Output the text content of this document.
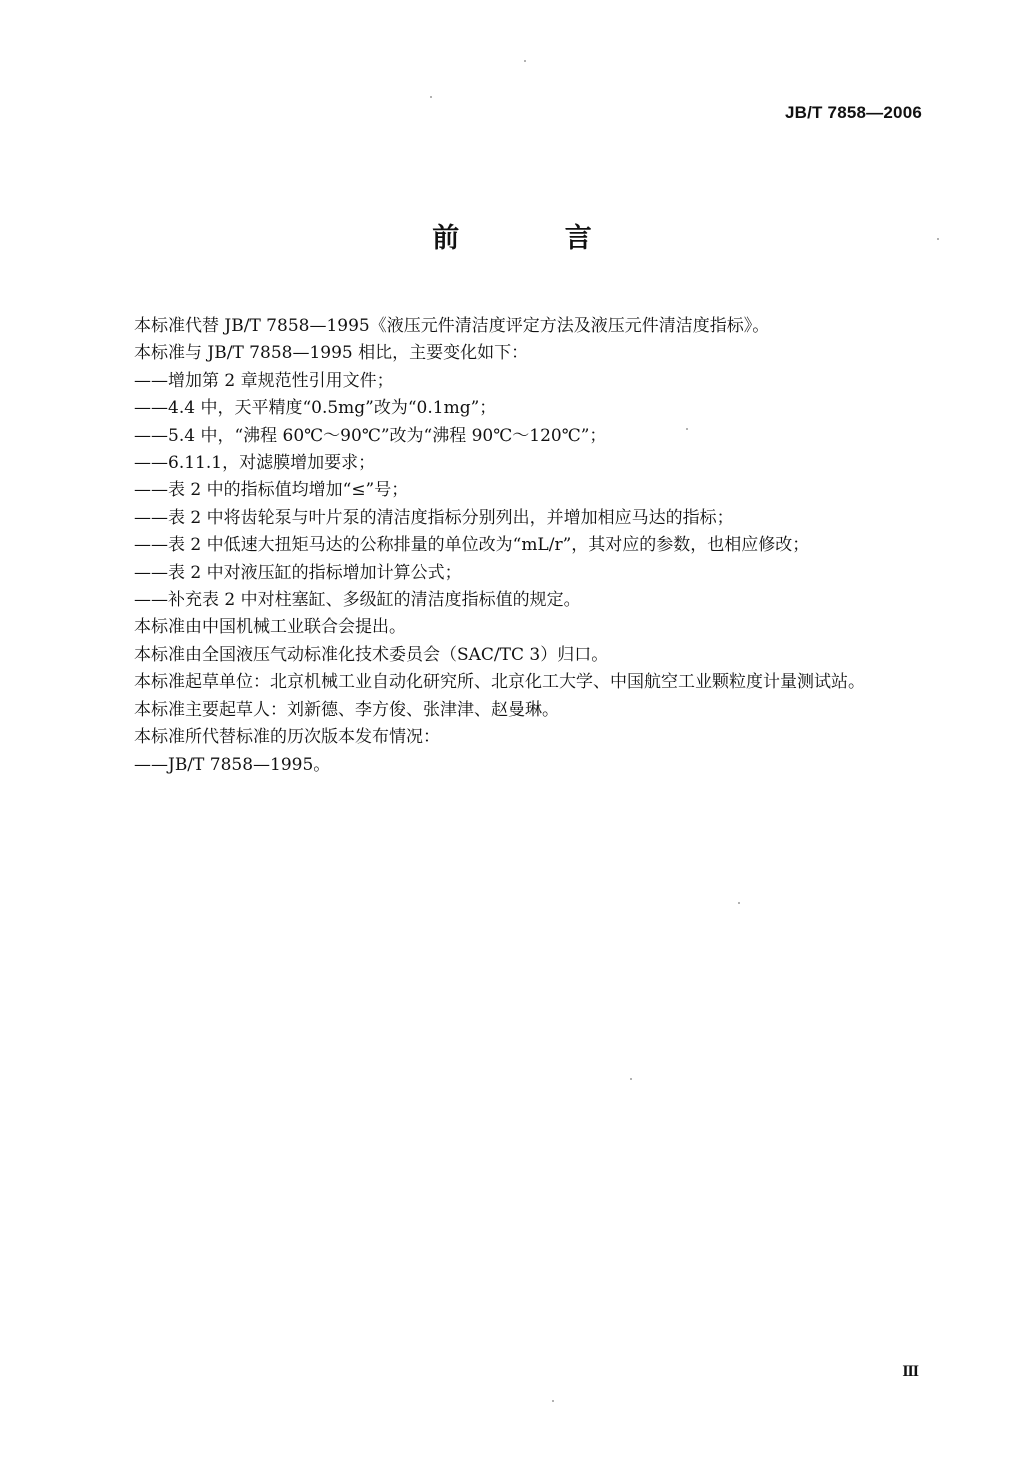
JB/T 7858—2006
前 言
本标准代替 JB/T 7858—1995《液压元件清洁度评定方法及液压元件清洁度指标》。
本标准与 JB/T 7858—1995 相比，主要变化如下：
——增加第 2 章规范性引用文件；
——4.4 中，天平精度“0.5mg”改为“0.1mg”；
——5.4 中，“沸程 60℃～90℃”改为“沸程 90℃～120℃”；
——6.11.1，对滤膜增加要求；
——表 2 中的指标值均增加“≤”号；
——表 2 中将齿轮泵与叶片泵的清洁度指标分别列出，并增加相应马达的指标；
——表 2 中低速大扭矩马达的公称排量的单位改为“mL/r”，其对应的参数，也相应修改；
——表 2 中对液压缸的指标增加计算公式；
——补充表 2 中对柱塞缸、多级缸的清洁度指标值的规定。
本标准由中国机械工业联合会提出。
本标准由全国液压气动标准化技术委员会（SAC/TC 3）归口。
本标准起草单位：北京机械工业自动化研究所、北京化工大学、中国航空工业颗粒度计量测试站。
本标准主要起草人：刘新德、李方俊、张津津、赵曼琳。
本标准所代替标准的历次版本发布情况：
——JB/T 7858—1995。
III
